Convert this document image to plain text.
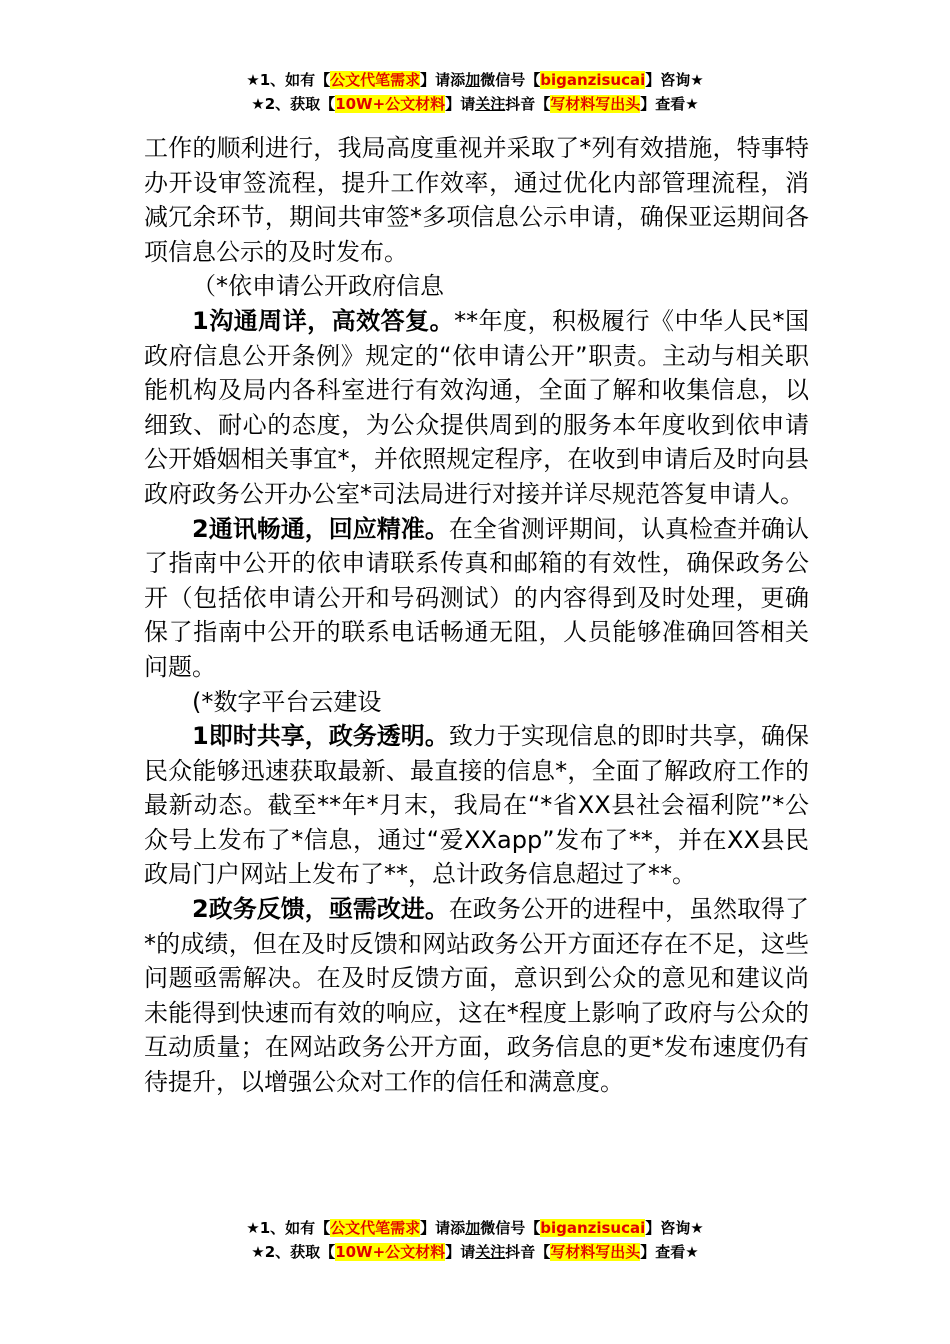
★1、如有【公文代笔需求】请添加微信号【biganzisucai】咨询★
★2、获取【10W+公文材料】请关注抖音【写材料写出头】查看★

工作的顺利进行，我局高度重视并采取了*列有效措施，特事特办开设审签流程，提升工作效率，通过优化内部管理流程，消减冗余环节，期间共审签*多项信息公示申请，确保亚运期间各项信息公示的及时发布。

（*依申请公开政府信息

1沟通周详，高效答复。**年度，积极履行《中华人民*国政府信息公开条例》规定的“依申请公开”职责。主动与相关职能机构及局内各科室进行有效沟通，全面了解和收集信息，以细致、耐心的态度，为公众提供周到的服务本年度收到依申请公开婚姻相关事宜*，并依照规定程序，在收到申请后及时向县政府政务公开办公室*司法局进行对接并详尽规范答复申请人。

2通讯畅通，回应精准。在全省测评期间，认真检查并确认了指南中公开的依申请联系传真和邮箱的有效性，确保政务公开（包括依申请公开和号码测试）的内容得到及时处理，更确保了指南中公开的联系电话畅通无阻，人员能够准确回答相关问题。

(*数字平台云建设

1即时共享，政务透明。致力于实现信息的即时共享，确保民众能够迅速获取最新、最直接的信息*，全面了解政府工作的最新动态。截至**年*月末，我局在“*省XX县社会福利院”*公众号上发布了*信息，通过“爱XXapp”发布了**，并在XX县民政局门户网站上发布了**，总计政务信息超过了**。

2政务反馈，亟需改进。在政务公开的进程中，虽然取得了*的成绩，但在及时反馈和网站政务公开方面还存在不足，这些问题亟需解决。在及时反馈方面，意识到公众的意见和建议尚未能得到快速而有效的响应，这在*程度上影响了政府与公众的互动质量；在网站政务公开方面，政务信息的更*发布速度仍有待提升，以增强公众对工作的信任和满意度。

★1、如有【公文代笔需求】请添加微信号【biganzisucai】咨询★
★2、获取【10W+公文材料】请关注抖音【写材料写出头】查看★
